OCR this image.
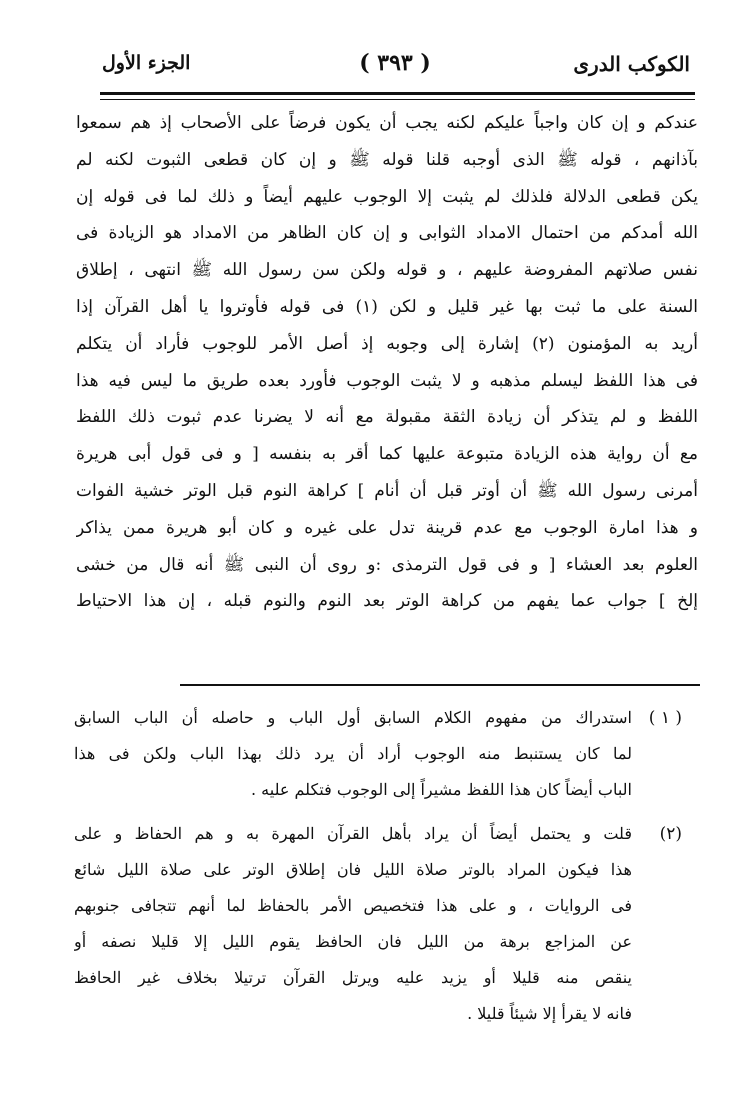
الكوكب الدرى
( ٣٩٣ )
الجزء الأول
عندكم و إن كان واجباً عليكم لكنه يجب أن يكون فرضاً على الأصحاب إذ هم سمعوا
بآذانهم ، قوله ﷺ الذى أوجبه قلنا قوله ﷺ و إن كان قطعى الثبوت لكنه لم
يكن قطعى الدلالة فلذلك لم يثبت إلا الوجوب عليهم أيضاً و ذلك لما فى قوله إن
الله أمدكم من احتمال الامداد الثوابى و إن كان الظاهر من الامداد هو الزيادة فى
نفس صلاتهم المفروضة عليهم ، و قوله ولكن سن رسول الله ﷺ انتهى ، إطلاق
السنة على ما ثبت بها غير قليل و لكن (١) فى قوله فأوتروا يا أهل القرآن إذا
أريد به المؤمنون (٢) إشارة إلى وجوبه إذ أصل الأمر للوجوب فأراد أن يتكلم
فى هذا اللفظ ليسلم مذهبه و لا يثبت الوجوب فأورد بعده طريق ما ليس فيه هذا
اللفظ و لم يتذكر أن زيادة الثقة مقبولة مع أنه لا يضرنا عدم ثبوت ذلك اللفظ
مع أن رواية هذه الزيادة متبوعة عليها كما أقر به بنفسه [ و فى قول أبى هريرة
أمرنى رسول الله ﷺ أن أوتر قبل أن أنام ] كراهة النوم قبل الوتر خشية الفوات
و هذا امارة الوجوب مع عدم قرينة تدل على غيره و كان أبو هريرة ممن يذاكر
العلوم بعد العشاء [ و فى قول الترمذى :و روى أن النبى ﷺ أنه قال من خشى
إلخ ] جواب عما يفهم من كراهة الوتر بعد النوم والنوم قبله ، إن هذا الاحتياط
( ١ )
استدراك من مفهوم الكلام السابق أول الباب و حاصله أن الباب السابق
لما كان يستنبط منه الوجوب أراد أن يرد ذلك بهذا الباب ولكن فى هذا
الباب أيضاً كان هذا اللفظ مشيراً إلى الوجوب فتكلم عليه .
(٢)
قلت و يحتمل أيضاً أن يراد بأهل القرآن المهرة به و هم الحفاظ و على
هذا فيكون المراد بالوتر صلاة الليل فان إطلاق الوتر على صلاة الليل شائع
فى الروايات ، و على هذا فتخصيص الأمر بالحفاظ لما أنهم تتجافى جنوبهم
عن المزاجع برهة من الليل فان الحافظ يقوم الليل إلا قليلا نصفه أو
ينقص منه قليلا أو يزيد عليه ويرتل القرآن ترتيلا بخلاف غير الحافظ
فانه لا يقرأ إلا شيئاً قليلا .
